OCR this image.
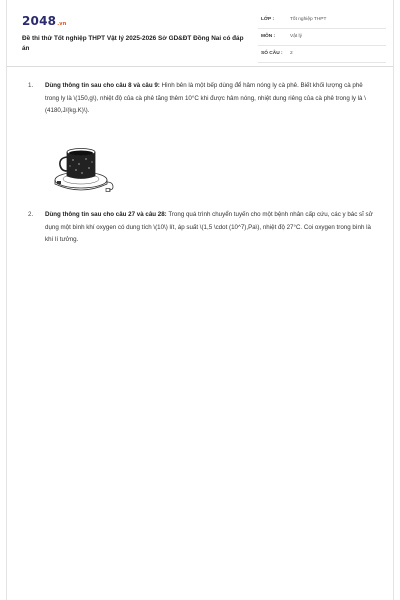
2048.vn
Đề thi thử Tốt nghiệp THPT Vật lý 2025-2026 Sở GD&ĐT Đồng Nai có đáp án
LỚP :	Tốt nghiệp THPT
MÔN :	Vật lý
SỐ CÂU : 2
1. Dùng thông tin sau cho câu 8 và câu 9: Hình bên là một bếp dùng để hâm nóng ly cà phê. Biết khối lượng cà phê trong ly là \(150,g\), nhiệt độ của cà phê tăng thêm 10°C khi được hâm nóng, nhiệt dung riêng của cà phê trong ly là \(4180,J/(kg.K)\).
2. Dùng thông tin sau cho câu 27 và câu 28: Trong quá trình chuyển tuyến cho một bệnh nhân cấp cứu, các y bác sĩ sử dụng một bình khí oxygen có dung tích \(10\) lít, áp suất \(1,5 \cdot (10^7),Pa\), nhiệt độ 27°C. Coi oxygen trong bình là khí lí tưởng.
